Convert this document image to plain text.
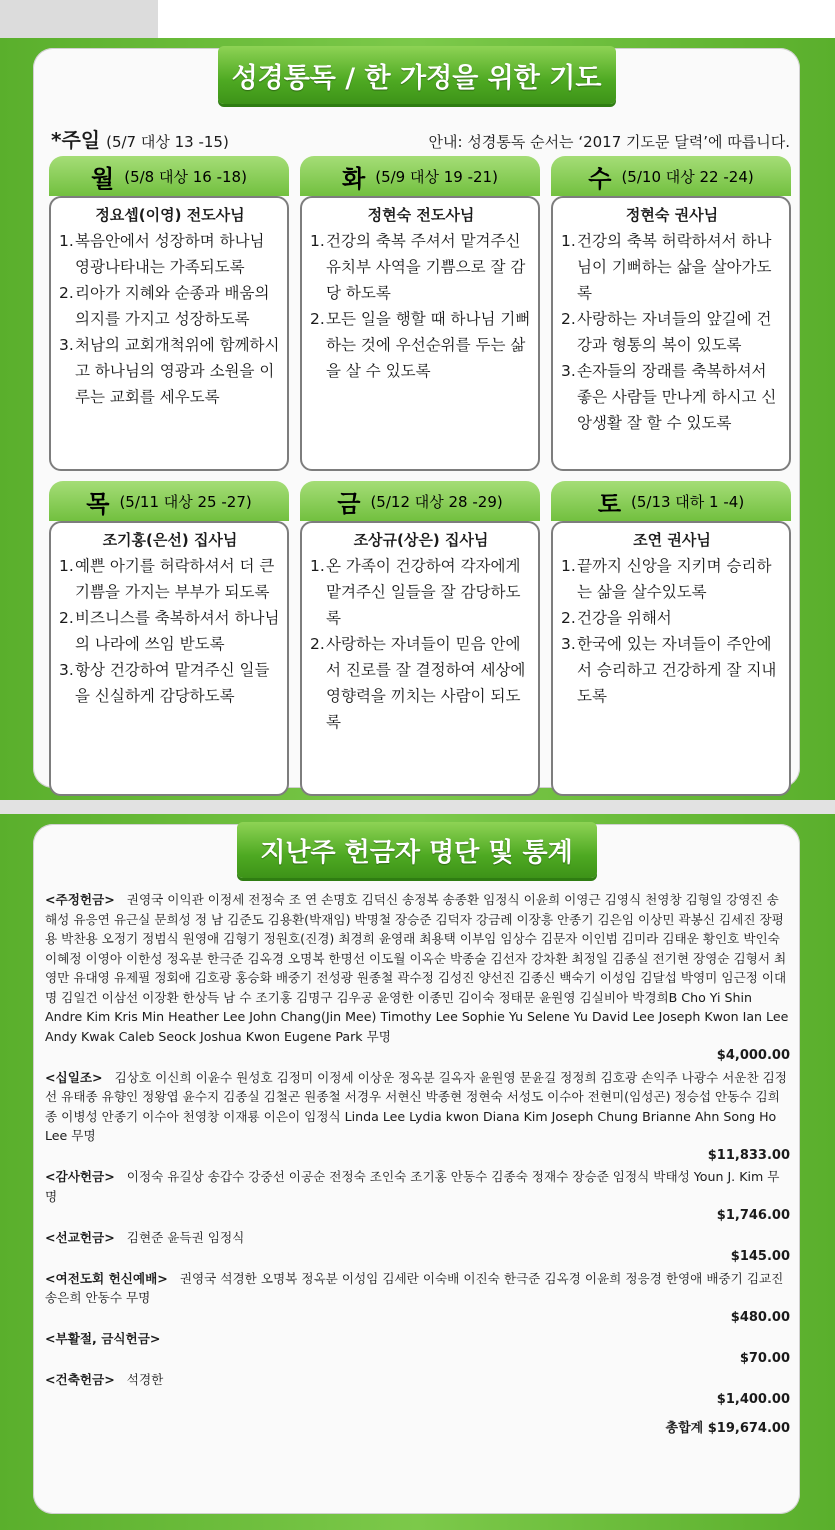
성경통독 / 한 가정을 위한 기도
*주일 (5/7 대상 13 -15)	안내: 성경통독 순서는 ‘2017 기도문 달력’에 따릅니다.
월 (5/8 대상 16 -18)
정요셉(이영) 전도사님
1.복음안에서 성장하며 하나님 영광나타내는 가족되도록
2.리아가 지혜와 순종과 배움의 의지를 가지고 성장하도록
3.처남의 교회개척위에 함께하시고 하나님의 영광과 소원을 이루는 교회를 세우도록
화 (5/9 대상 19 -21)
정현숙 전도사님
1.건강의 축복 주셔서 맡겨주신 유치부 사역을 기쁨으로 잘 감당 하도록
2.모든 일을 행할 때 하나님 기뻐하는 것에 우선순위를 두는 삶을 살 수 있도록
수 (5/10 대상 22 -24)
정현숙 권사님
1.건강의 축복 허락하셔서 하나님이 기뻐하는 삶을 살아가도록
2.사랑하는 자녀들의 앞길에 건강과 형통의 복이 있도록
3.손자들의 장래를 축복하셔서 좋은 사람들 만나게 하시고 신앙생활 잘 할 수 있도록
목 (5/11 대상 25 -27)
조기홍(은선) 집사님
1.예쁜 아기를 허락하셔서 더 큰 기쁨을 가지는 부부가 되도록
2.비즈니스를 축복하셔서 하나님의 나라에 쓰임 받도록
3.항상 건강하여 맡겨주신 일들을 신실하게 감당하도록
금 (5/12 대상 28 -29)
조상규(상은) 집사님
1.온 가족이 건강하여 각자에게 맡겨주신 일들을 잘 감당하도록
2.사랑하는 자녀들이 믿음 안에서 진로를 잘 결정하여 세상에 영향력을 끼치는 사람이 되도록
토 (5/13 대하 1 -4)
조연 권사님
1.끝까지 신앙을 지키며 승리하는 삶을 살수있도록
2.건강을 위해서
3.한국에 있는 자녀들이 주안에서 승리하고 건강하게 잘 지내도록
지난주 헌금자 명단 및 통계
<주정헌금> 권영국 이익관 이정세 전정숙 조 연 손명호 김덕신 송정복 송종환 임정식 이윤희 이영근 김영식 천영창 김형일 강영진 송해성 유응연 유근실 문희성 정 남 김준도 김용환(박재임) 박명철 장승준 김덕자 강금례 이장흥 안종기 김은임 이상민 곽봉신 김세진 장평용 박찬용 오정기 정범식 원영애 김형기 정원호(진경) 최경희 윤영래 최용택 이부임 임상수 김문자 이인범 김미라 김태운 황인호 박인숙 이혜정 이영아 이한성 정옥분 한극준 김옥경 오명복 한명선 이도월 이옥순 박종술 김선자 강차환 최정일 김종실 전기현 장영순 김형서 최영만 유대영 유제필 정회애 김호광 홍승화 배중기 전성광 원종철 곽수정 김성진 양선진 김종신 백숙기 이성임 김달섭 박영미 임근정 이대명 김일건 이삼선 이장환 한상득 남 수 조기홍 김명구 김우공 윤영한 이종민 김이숙 정태문 윤원영 김실비아 박경희B Cho Yi Shin Andre Kim Kris Min Heather Lee John Chang(Jin Mee) Timothy Lee Sophie Yu Selene Yu David Lee Joseph Kwon Ian Lee Andy Kwak Caleb Seock Joshua Kwon Eugene Park 무명
$4,000.00
<십일조> 김상호 이신희 이윤수 원성호 김정미 이정세 이상운 정옥분 길옥자 윤원영 문윤길 정정희 김호광 손익주 나광수 서운찬 김정선 유태종 유향인 정왕엽 윤수지 김종실 김철곤 원종철 서경우 서현신 박종현 정현숙 서성도 이수아 전현미(임성곤) 정승섭 안동수 김희종 이병성 안종기 이수아 천영창 이재룡 이은이 임정식 Linda Lee Lydia kwon Diana Kim Joseph Chung Brianne Ahn Song Ho Lee 무명
$11,833.00
<감사헌금> 이정숙 유길상 송갑수 강중선 이공순 전정숙 조인숙 조기홍 안동수 김종숙 정재수 장승준 임정식 박태성 Youn J. Kim 무명
$1,746.00
<선교헌금> 김현준 윤득권 임정식
$145.00
<여전도회 헌신예배> 권영국 석경한 오명복 정옥분 이성임 김세란 이숙배 이진숙 한극준 김옥경 이윤희 정응경 한영애 배중기 김교진 송은희 안동수 무명
$480.00
<부활절, 금식헌금>
$70.00
<건축헌금> 석경한
$1,400.00
총합계 $19,674.00
